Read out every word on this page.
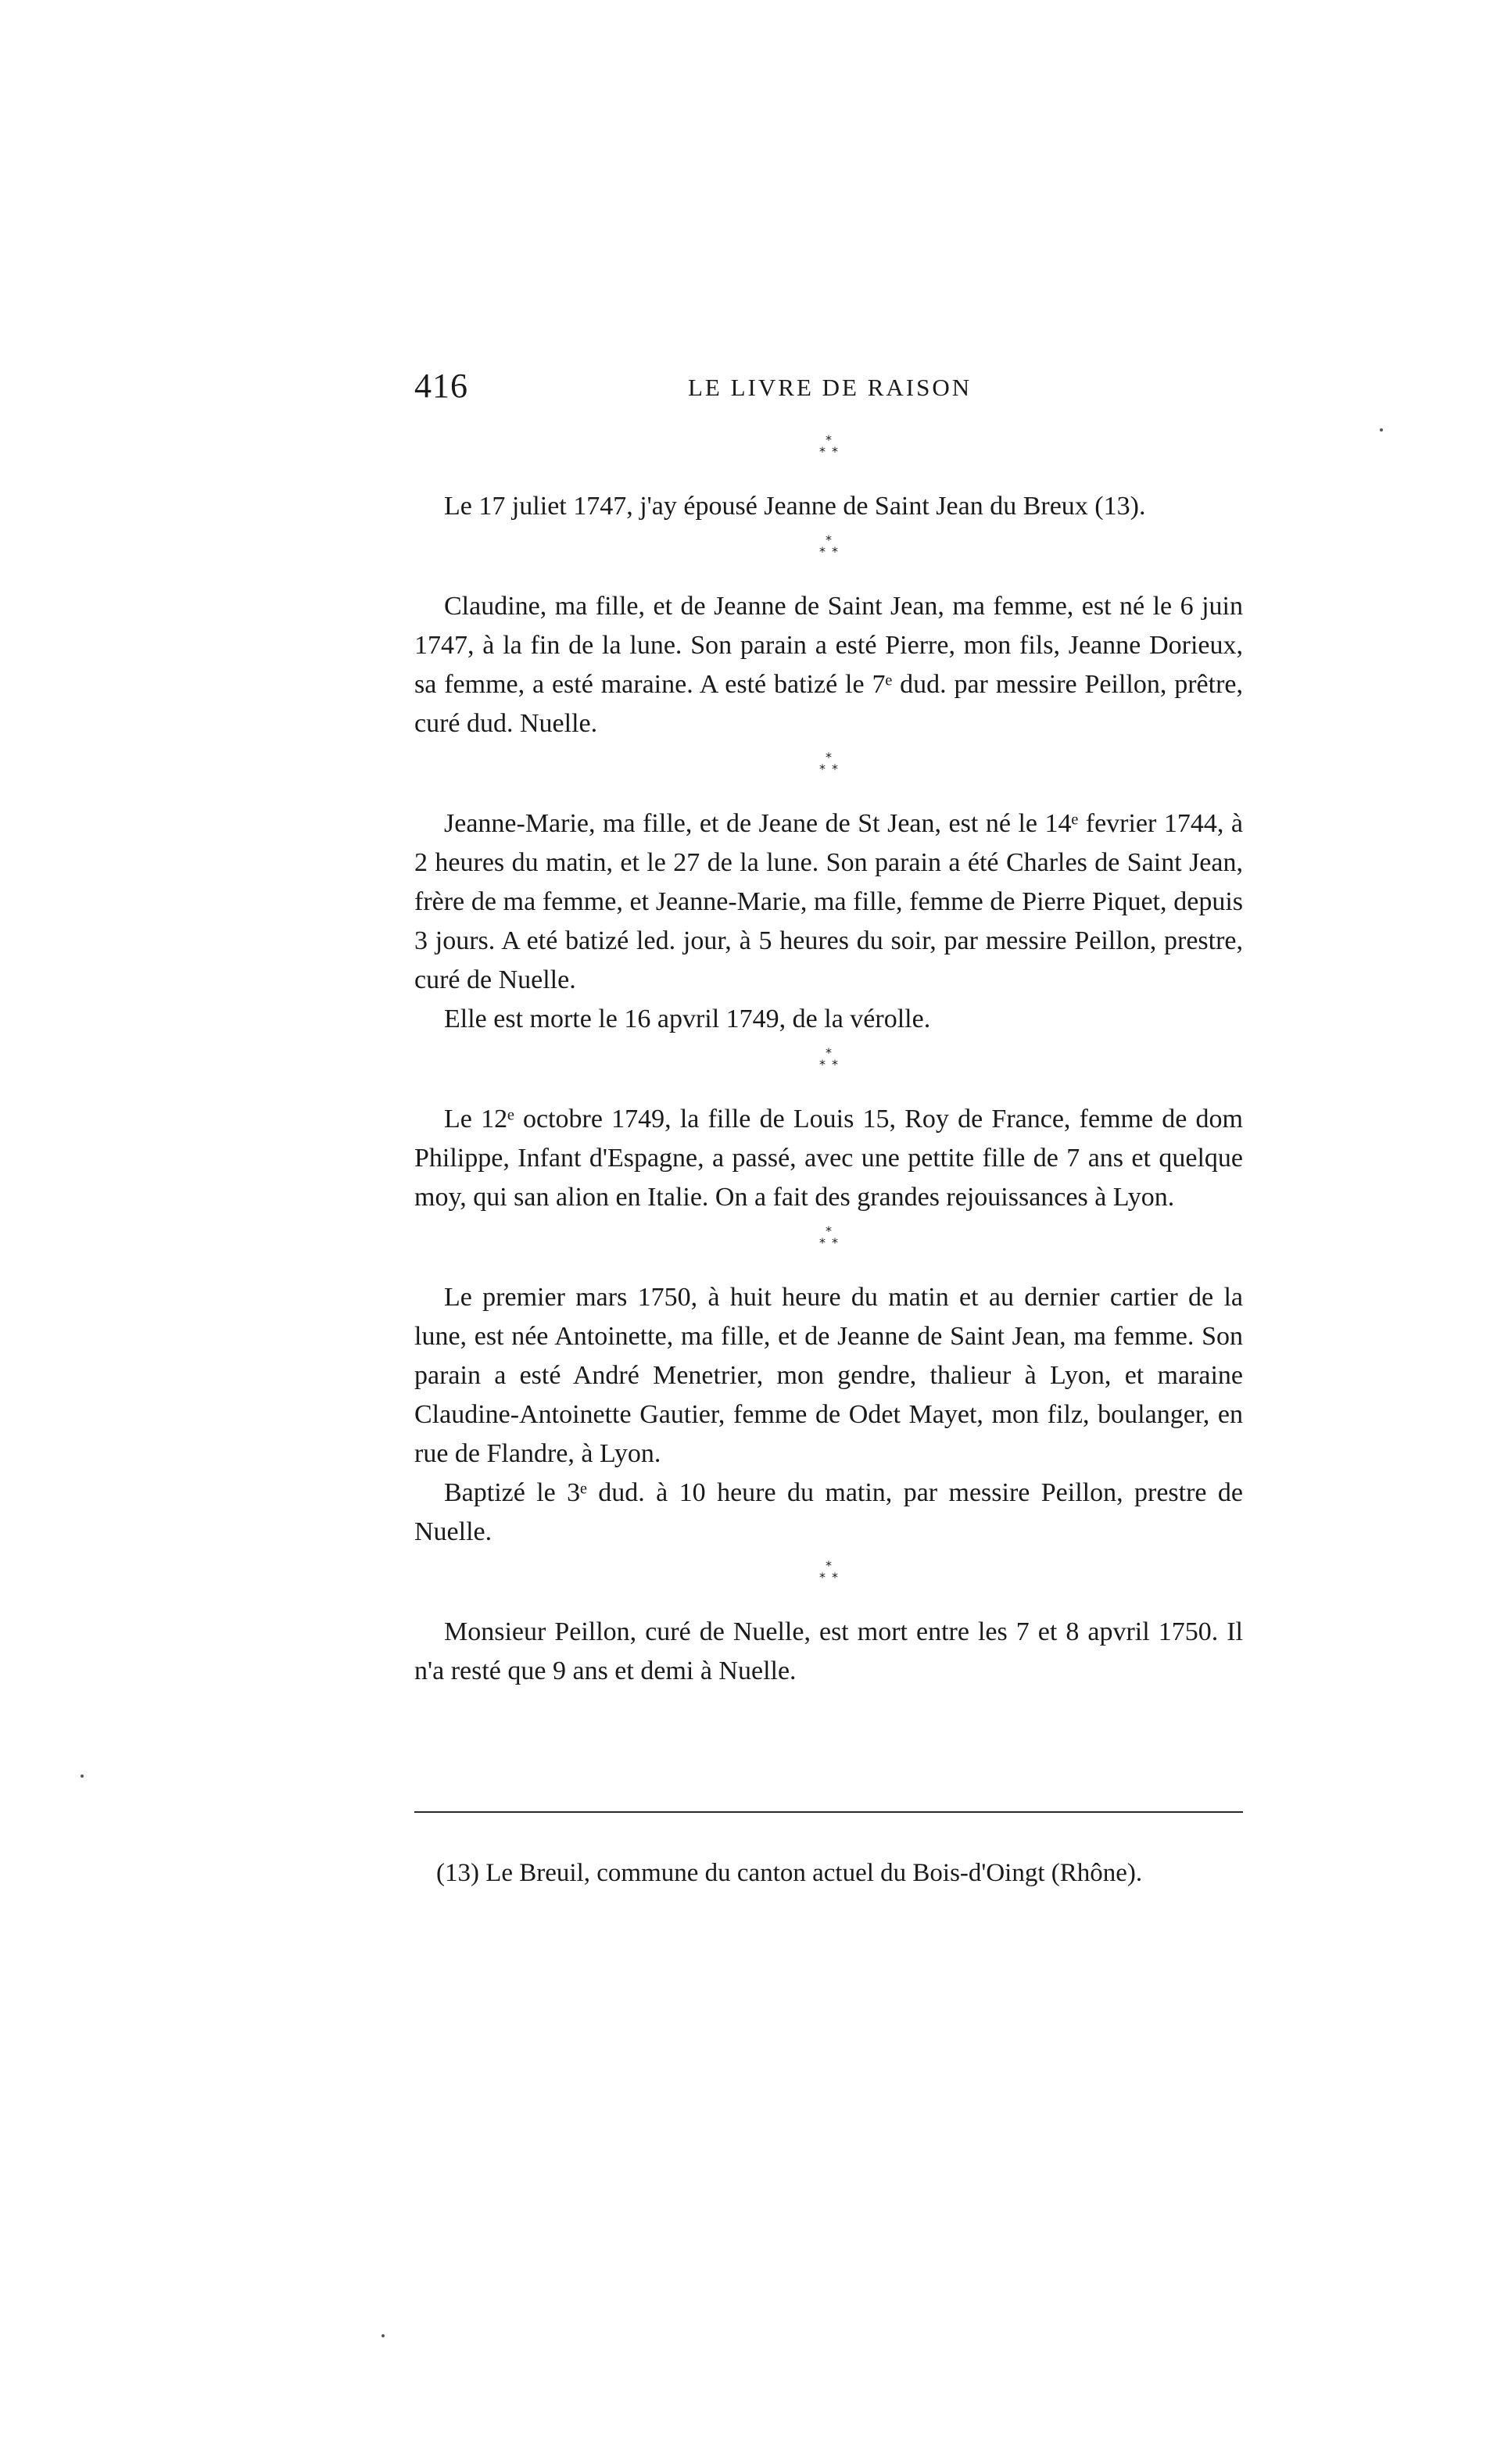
416	LE LIVRE DE RAISON
*
**

Le 17 juliet 1747, j'ay épousé Jeanne de Saint Jean du Breux (13).

*
**

Claudine, ma fille, et de Jeanne de Saint Jean, ma femme, est né le 6 juin 1747, à la fin de la lune. Son parain a esté Pierre, mon fils, Jeanne Dorieux, sa femme, a esté maraine. A esté batizé le 7ᵉ dud. par messire Peillon, prêtre, curé dud. Nuelle.

*
**

Jeanne-Marie, ma fille, et de Jeane de St Jean, est né le 14ᵉ fevrier 1744, à 2 heures du matin, et le 27 de la lune. Son parain a été Charles de Saint Jean, frère de ma femme, et Jeanne-Marie, ma fille, femme de Pierre Piquet, depuis 3 jours. A eté batizé led. jour, à 5 heures du soir, par messire Peillon, prestre, curé de Nuelle.

Elle est morte le 16 apvril 1749, de la vérolle.

*
**

Le 12ᵉ octobre 1749, la fille de Louis 15, Roy de France, femme de dom Philippe, Infant d'Espagne, a passé, avec une pettite fille de 7 ans et quelque moy, qui san alion en Italie. On a fait des grandes rejouissances à Lyon.

*
**

Le premier mars 1750, à huit heure du matin et au dernier cartier de la lune, est née Antoinette, ma fille, et de Jeanne de Saint Jean, ma femme. Son parain a esté André Menetrier, mon gendre, thalieur à Lyon, et maraine Claudine-Antoinette Gautier, femme de Odet Mayet, mon filz, boulanger, en rue de Flandre, à Lyon.

Baptizé le 3ᵉ dud. à 10 heure du matin, par messire Peillon, prestre de Nuelle.

*
**

Monsieur Peillon, curé de Nuelle, est mort entre les 7 et 8 apvril 1750. Il n'a resté que 9 ans et demi à Nuelle.

(13) Le Breuil, commune du canton actuel du Bois-d'Oingt (Rhône).
